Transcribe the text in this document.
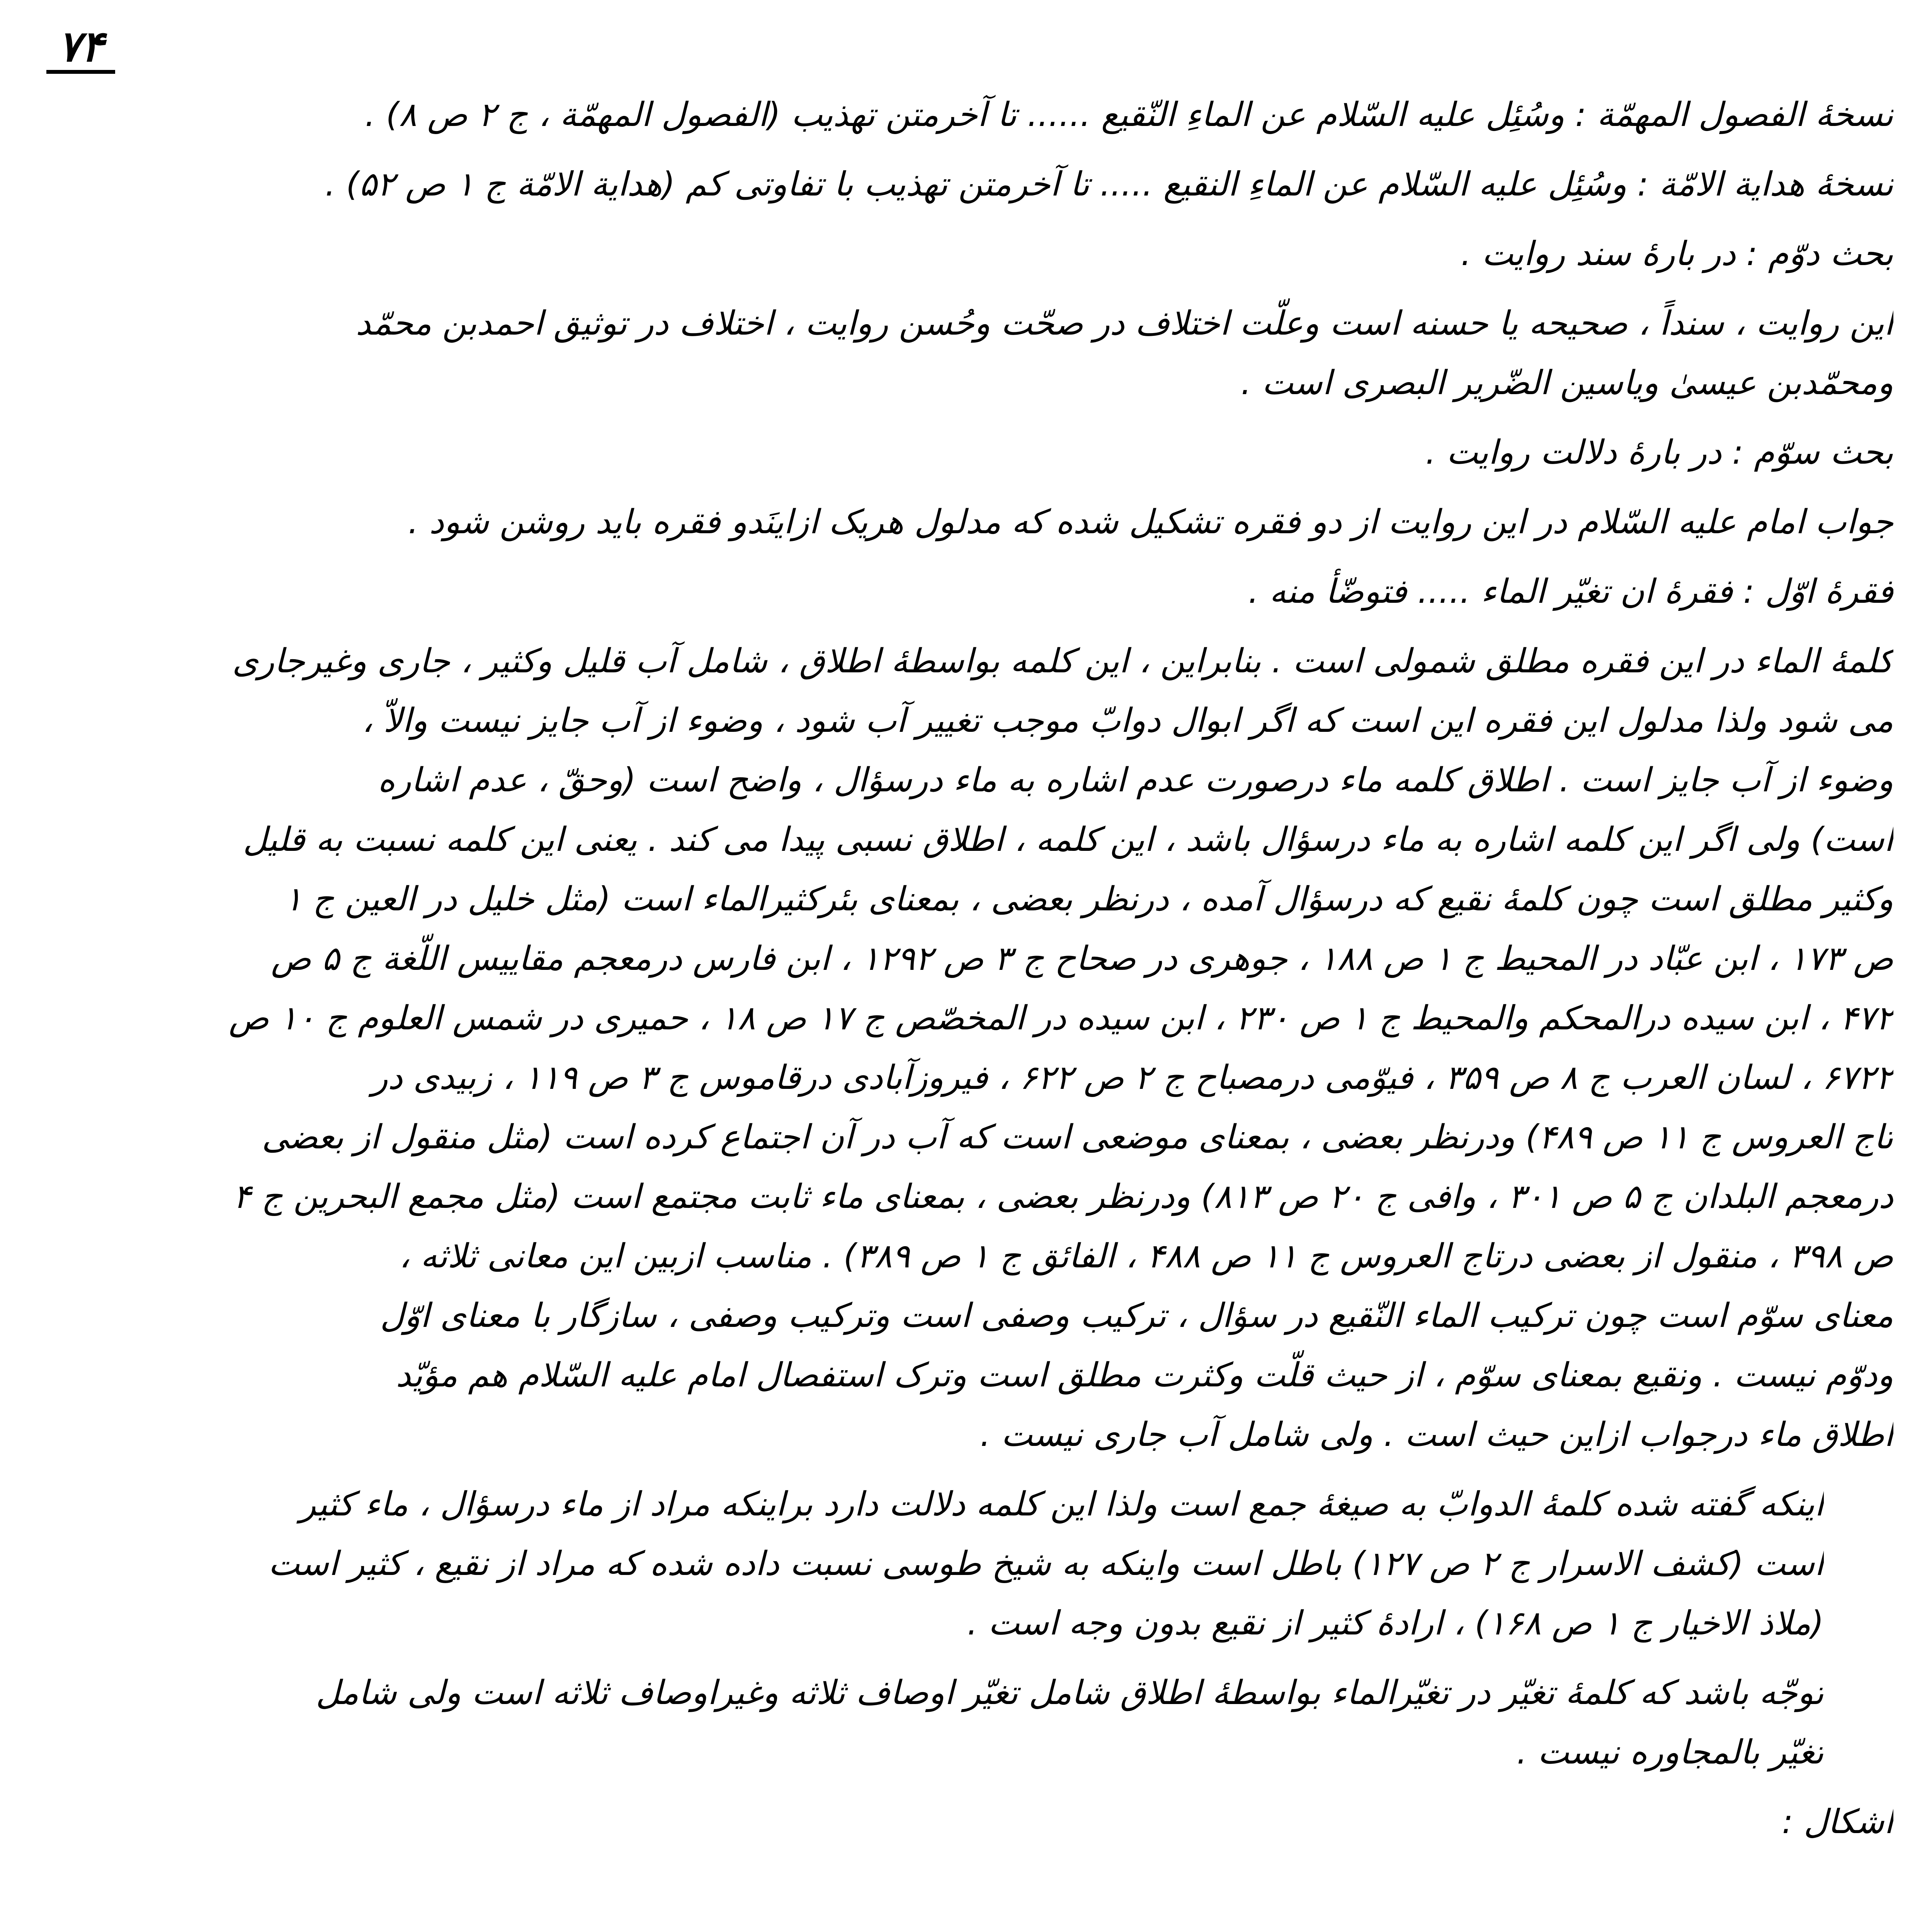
۷۴
نسخهٔ الفصول المهمّة : وسُئِل علیه السّلام عن الماءِ النّقیع ...... تا آخرمتن تهذیب (الفصول المهمّة ، ج ۲ ص ۸) .
نسخهٔ هدایة الامّة : وسُئِل علیه السّلام عن الماءِ النقیع ..... تا آخرمتن تهذیب با تفاوتی کم (هدایة الامّة ج ۱ ص ۵۲) .
بحث دوّم : در بارهٔ سند روایت .
این روایت ، سنداً ، صحیحه یا حسنه است وعلّت اختلاف در صحّت وحُسن روایت ، اختلاف در توثیق احمدبن محمّد
ومحمّدبن عیسیٰ ویاسین الضّریر البصری است .
بحث سوّم : در بارهٔ دلالت روایت .
جواب امام علیه السّلام در این روایت از دو فقره تشکیل شده که مدلول هریک ازاینَدو فقره باید روشن شود .
فقرهٔ اوّل : فقرهٔ ان تغیّر الماء ..... فتوضّأ منه .
کلمهٔ الماء در این فقره مطلق شمولی است . بنابراین ، این کلمه بواسطهٔ اطلاق ، شامل آب قلیل وکثیر ، جاری وغیرجاری
می شود ولذا مدلول این فقره این است که اگر ابوال دوابّ موجب تغییر آب شود ، وضوء از آب جایز نیست والاّ ،
وضوء از آب جایز است . اطلاق کلمه ماء درصورت عدم اشاره به ماء درسؤال ، واضح است (وحقّ ، عدم اشاره
است) ولی اگر این کلمه اشاره به ماء درسؤال باشد ، این کلمه ، اطلاق نسبی پیدا می کند . یعنی این کلمه نسبت به قلیل
وکثیر مطلق است چون کلمهٔ نقیع که درسؤال آمده ، درنظر بعضی ، بمعنای بئرکثیرالماء است (مثل خلیل در العین ج ۱
ص ۱۷۳ ، ابن عبّاد در المحیط ج ۱ ص ۱۸۸ ، جوهری در صحاح ج ۳ ص ۱۲۹۲ ، ابن فارس درمعجم مقاییس اللّغة ج ۵ ص
۴۷۲ ، ابن سیده درالمحکم والمحیط ج ۱ ص ۲۳۰ ، ابن سیده در المخصّص ج ۱۷ ص ۱۸ ، حمیری در شمس العلوم ج ۱۰ ص
۶۷۲۲ ، لسان العرب ج ۸ ص ۳۵۹ ، فیوّمی درمصباح ج ۲ ص ۶۲۲ ، فیروزآبادی درقاموس ج ۳ ص ۱۱۹ ، زبیدی در
تاج العروس ج ۱۱ ص ۴۸۹) ودرنظر بعضی ، بمعنای موضعی است که آب در آن اجتماع کرده است (مثل منقول از بعضی
درمعجم البلدان ج ۵ ص ۳۰۱ ، وافی ج ۲۰ ص ۸۱۳) ودرنظر بعضی ، بمعنای ماء ثابت مجتمع است (مثل مجمع البحرین ج ۴
ص ۳۹۸ ، منقول از بعضی درتاج العروس ج ۱۱ ص ۴۸۸ ، الفائق ج ۱ ص ۳۸۹) . مناسب ازبین این معانی ثلاثه ،
معنای سوّم است چون ترکیب الماء النّقیع در سؤال ، ترکیب وصفی است وترکیب وصفی ، سازگار با معنای اوّل
ودوّم نیست . ونقیع بمعنای سوّم ، از حیث قلّت وکثرت مطلق است وترک استفصال امام علیه السّلام هم مؤیّد
اطلاق ماء درجواب ازاین حیث است . ولی شامل آب جاری نیست .
اینکه گفته شده کلمهٔ الدوابّ به صیغهٔ جمع است ولذا این کلمه دلالت دارد براینکه مراد از ماء درسؤال ، ماء کثیر
است (کشف الاسرار ج ۲ ص ۱۲۷) باطل است واینکه به شیخ طوسی نسبت داده شده که مراد از نقیع ، کثیر است
(ملاذ الاخیار ج ۱ ص ۱۶۸) ، ارادهٔ کثیر از نقیع بدون وجه است .
توجّه باشد که کلمهٔ تغیّر در تغیّرالماء بواسطهٔ اطلاق شامل تغیّر اوصاف ثلاثه وغیراوصاف ثلاثه است ولی شامل
تغیّر بالمجاوره نیست .
اشکال :
